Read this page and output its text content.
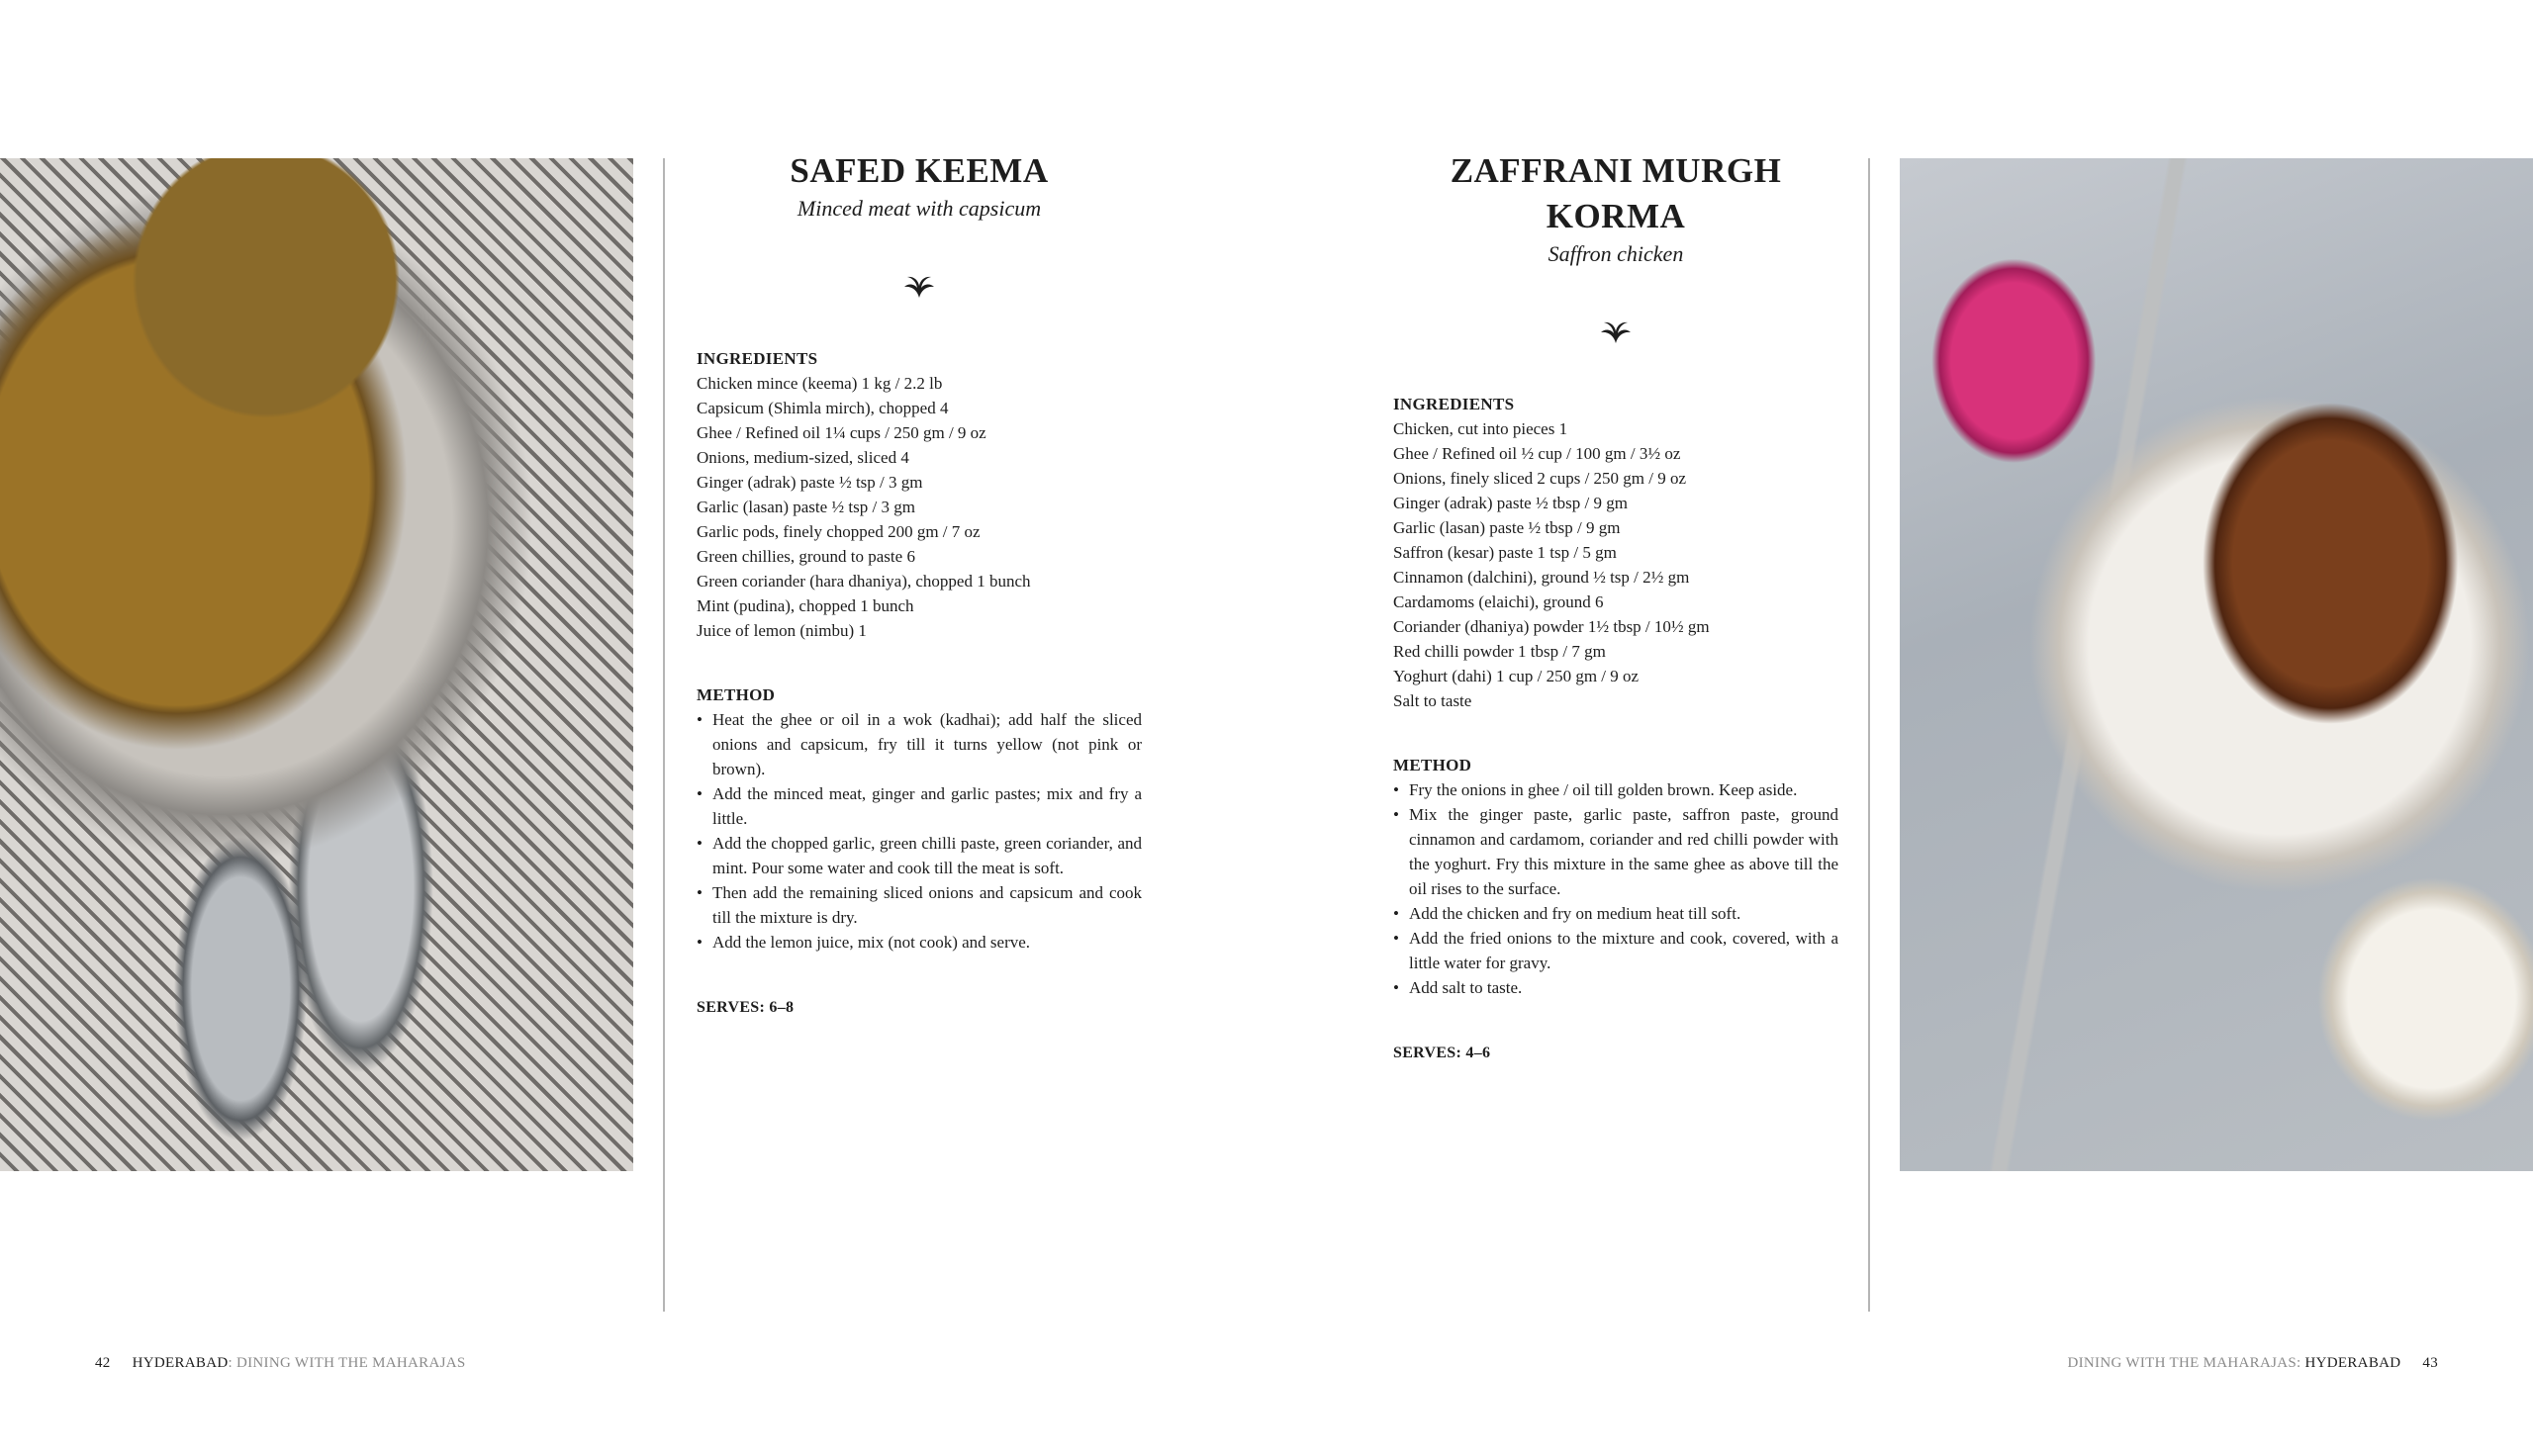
SAFED KEEMA
Minced meat with capsicum
INGREDIENTS
Chicken mince (keema) 1 kg / 2.2 lb
Capsicum (Shimla mirch), chopped 4
Ghee / Refined oil 1¼ cups / 250 gm / 9 oz
Onions, medium-sized, sliced 4
Ginger (adrak) paste ½ tsp / 3 gm
Garlic (lasan) paste ½ tsp / 3 gm
Garlic pods, finely chopped 200 gm / 7 oz
Green chillies, ground to paste 6
Green coriander (hara dhaniya), chopped 1 bunch
Mint (pudina), chopped 1 bunch
Juice of lemon (nimbu) 1
METHOD
• Heat the ghee or oil in a wok (kadhai); add half the sliced onions and capsicum, fry till it turns yellow (not pink or brown).
• Add the minced meat, ginger and garlic pastes; mix and fry a little.
• Add the chopped garlic, green chilli paste, green coriander, and mint. Pour some water and cook till the meat is soft.
• Then add the remaining sliced onions and capsicum and cook till the mixture is dry.
• Add the lemon juice, mix (not cook) and serve.
SERVES: 6–8
ZAFFRANI MURGH KORMA
Saffron chicken
INGREDIENTS
Chicken, cut into pieces 1
Ghee / Refined oil ½ cup / 100 gm / 3½ oz
Onions, finely sliced 2 cups / 250 gm / 9 oz
Ginger (adrak) paste ½ tbsp / 9 gm
Garlic (lasan) paste ½ tbsp / 9 gm
Saffron (kesar) paste 1 tsp / 5 gm
Cinnamon (dalchini), ground ½ tsp / 2½ gm
Cardamoms (elaichi), ground 6
Coriander (dhaniya) powder 1½ tbsp / 10½ gm
Red chilli powder 1 tbsp / 7 gm
Yoghurt (dahi) 1 cup / 250 gm / 9 oz
Salt to taste
METHOD
• Fry the onions in ghee / oil till golden brown. Keep aside.
• Mix the ginger paste, garlic paste, saffron paste, ground cinnamon and cardamom, coriander and red chilli powder with the yoghurt. Fry this mixture in the same ghee as above till the oil rises to the surface.
• Add the chicken and fry on medium heat till soft.
• Add the fried onions to the mixture and cook, covered, with a little water for gravy.
• Add salt to taste.
SERVES: 4–6
42 HYDERABAD: DINING WITH THE MAHARAJAS	DINING WITH THE MAHARAJAS: HYDERABAD 43
